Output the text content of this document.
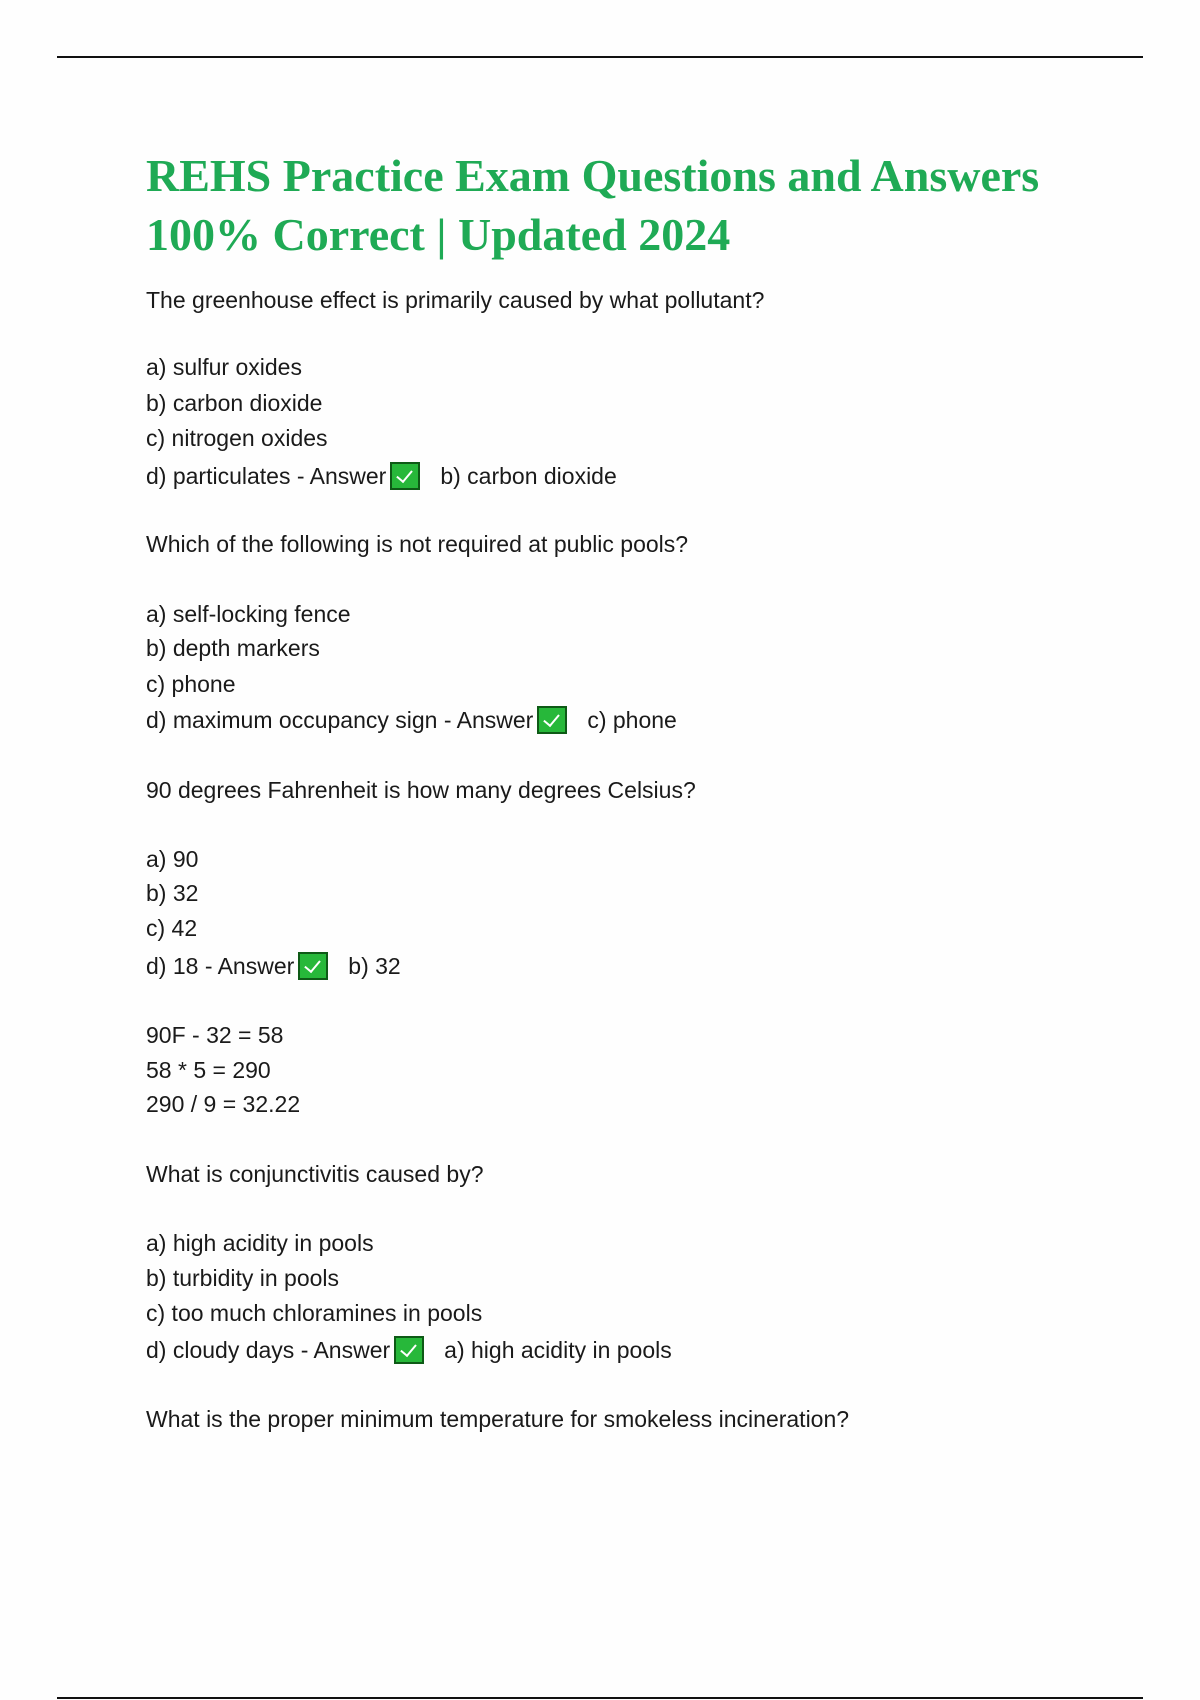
REHS Practice Exam Questions and Answers
100% Correct | Updated 2024
The greenhouse effect is primarily caused by what pollutant?
a) sulfur oxides
b) carbon dioxide
c) nitrogen oxides
d) particulates - Answer b) carbon dioxide
Which of the following is not required at public pools?
a) self-locking fence
b) depth markers
c) phone
d) maximum occupancy sign - Answer c) phone
90 degrees Fahrenheit is how many degrees Celsius?
a) 90
b) 32
c) 42
d) 18 - Answer b) 32
90F - 32 = 58
58 * 5 = 290
290 / 9 = 32.22
What is conjunctivitis caused by?
a) high acidity in pools
b) turbidity in pools
c) too much chloramines in pools
d) cloudy days - Answer a) high acidity in pools
What is the proper minimum temperature for smokeless incineration?
